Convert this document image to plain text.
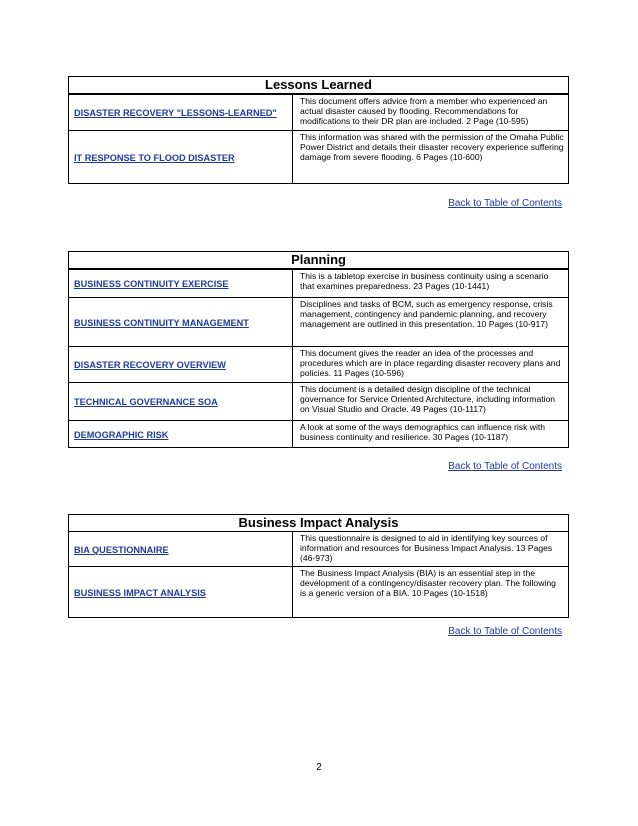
Lessons Learned	
DISASTER RECOVERY "LESSONS-LEARNED"	This document offers advice from a member who experienced an actual disaster caused by flooding. Recommendations for modifications to their DR plan are included. 2 Page (10-595)
IT RESPONSE TO FLOOD DISASTER	This information was shared with the permission of the Omaha Public Power District and details their disaster recovery experience suffering damage from severe flooding. 6 Pages (10-600)
Back to Table of Contents
Planning	
BUSINESS CONTINUITY EXERCISE	This is a tabletop exercise in business continuity using a scenario that examines preparedness. 23 Pages (10-1441)
BUSINESS CONTINUITY MANAGEMENT	Disciplines and tasks of BCM, such as emergency response, crisis management, contingency and pandemic planning, and recovery management are outlined in this presentation. 10 Pages (10-917)
DISASTER RECOVERY OVERVIEW	This document gives the reader an idea of the processes and procedures which are in place regarding disaster recovery plans and policies. 11 Pages (10-596)
TECHNICAL GOVERNANCE SOA	This document is a detailed design discipline of the technical governance for Service Oriented Architecture, including information on Visual Studio and Oracle. 49 Pages (10-1117)
DEMOGRAPHIC RISK	A look at some of the ways demographics can influence risk with business continuity and resilience. 30 Pages (10-1187)
Back to Table of Contents
Business Impact Analysis	
BIA QUESTIONNAIRE	This questionnaire is designed to aid in identifying key sources of information and resources for Business Impact Analysis. 13 Pages (46-973)
BUSINESS IMPACT ANALYSIS	The Business Impact Analysis (BIA) is an essential step in the development of a contingency/disaster recovery plan. The following is a generic version of a BIA. 10 Pages (10-1518)
Back to Table of Contents
2
